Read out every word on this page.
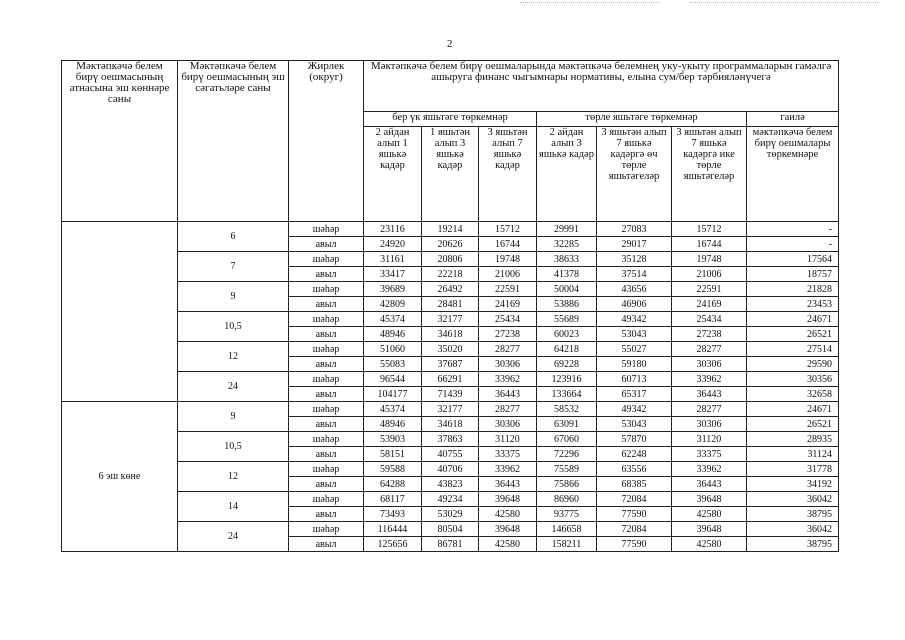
2
Мәктәпкәчә белем бирү оешмасының атнасына эш көннәре саны	Мәктәпкәчә белем бирү оешмасының эш сәгатьләре саны	Жирлек (округ)	Мәктәпкәчә белем бирү оешмаларында мәктәпкәчә белемнең уку-укыту программаларын гамәлгә ашыруга финанс чыгымнары нормативы, елына сум/бер тәрбияләнүчегә						
			бер үк яшьтәге төркемнәр			төрле яшьтәге төркемнәр			гаилә
			2 айдан алып 1 яшькә кадәр	1 яшьтән алып 3 яшькә кадәр	3 яшьтән алып 7 яшькә кадәр	2 айдан алып 3 яшькә кадәр	3 яшьтән алып 7 яшькә кадәргә өч төрле яшьтәгеләр	3 яшьтән алып 7 яшькә кадәргә ике төрле яшьтәгеләр	мәктәпкәчә белем бирү оешмалары төркемнәре
	6	шәһәр	23116	19214	15712	29991	27083	15712	-
		авыл	24920	20626	16744	32285	29017	16744	-
	7	шәһәр	31161	20806	19748	38633	35128	19748	17564
		авыл	33417	22218	21006	41378	37514	21006	18757
	9	шәһәр	39689	26492	22591	50004	43656	22591	21828
		авыл	42809	28481	24169	53886	46906	24169	23453
	10,5	шәһәр	45374	32177	25434	55689	49342	25434	24671
		авыл	48946	34618	27238	60023	53043	27238	26521
	12	шәһәр	51060	35020	28277	64218	55027	28277	27514
		авыл	55083	37687	30306	69228	59180	30306	29590
	24	шәһәр	96544	66291	33962	123916	60713	33962	30356
		авыл	104177	71439	36443	133664	65317	36443	32658
6 эш көне	9	шәһәр	45374	32177	28277	58532	49342	28277	24671
		авыл	48946	34618	30306	63091	53043	30306	26521
	10,5	шәһәр	53903	37863	31120	67060	57870	31120	28935
		авыл	58151	40755	33375	72296	62248	33375	31124
	12	шәһәр	59588	40706	33962	75589	63556	33962	31778
		авыл	64288	43823	36443	75866	68385	36443	34192
	14	шәһәр	68117	49234	39648	86960	72084	39648	36042
		авыл	73493	53029	42580	93775	77590	42580	38795
	24	шәһәр	116444	80504	39648	146658	72084	39648	36042
		авыл	125656	86781	42580	158211	77590	42580	38795
